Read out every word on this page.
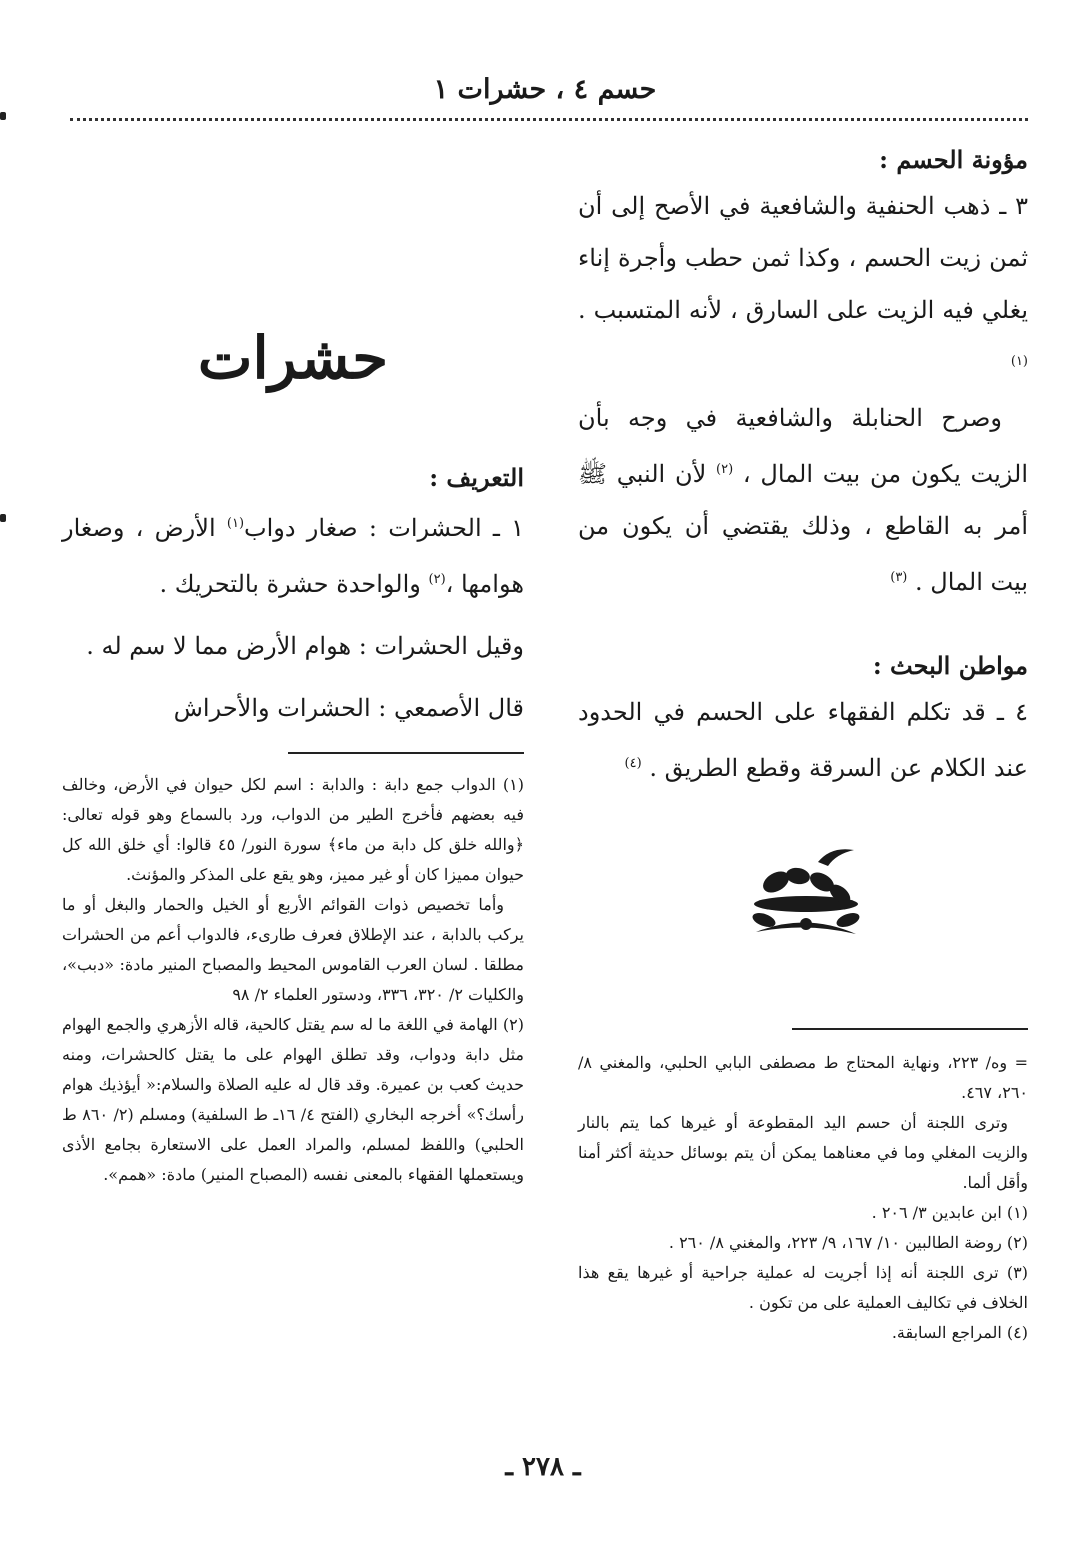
حسم ٤ ، حشرات ١

مؤونة الحسم :

٣ ـ ذهب الحنفية والشافعية في الأصح إلى أن ثمن زيت الحسم ، وكذا ثمن حطب وأجرة إناء يغلي فيه الزيت على السارق ، لأنه المتسبب . $^{(١)}$

وصرح الحنابلة والشافعية في وجه بأن الزيت يكون من بيت المال ، $^{(٢)}$ لأن النبي ﷺ أمر به القاطع ، وذلك يقتضي أن يكون من بيت المال . $^{(٣)}$

مواطن البحث :

٤ ـ قد تكلم الفقهاء على الحسم في الحدود عند الكلام عن السرقة وقطع الطريق . $^{(٤)}$

حشرات

التعريف :

١ ـ الحشرات : صغار دواب$^{(١)}$ الأرض ، وصغار هوامها ،$^{(٢)}$ والواحدة حشرة بالتحريك .

وقيل الحشرات : هوام الأرض مما لا سم له .

قال الأصمعي : الحشرات والأحراش

(١) الدواب جمع دابة : والدابة : اسم لكل حيوان في الأرض، وخالف فيه بعضهم فأخرج الطير من الدواب، ورد بالسماع وهو قوله تعالى: ﴿والله خلق كل دابة من ماء﴾ سورة النور/ ٤٥ قالوا: أي خلق الله كل حيوان مميزا كان أو غير مميز، وهو يقع على المذكر والمؤنث.

وأما تخصيص ذوات القوائم الأربع أو الخيل والحمار والبغل أو ما يركب بالدابة ، عند الإطلاق فعرف طارىء، فالدواب أعم من الحشرات مطلقا . لسان العرب القاموس المحيط والمصباح المنير مادة: «دبب»، والكليات ٢/ ٣٢٠، ٣٣٦، ودستور العلماء ٢/ ٩٨

(٢) الهامة في اللغة ما له سم يقتل كالحية، قاله الأزهري والجمع الهوام مثل دابة ودواب، وقد تطلق الهوام على ما يقتل كالحشرات، ومنه حديث كعب بن عميرة. وقد قال له عليه الصلاة والسلام:« أيؤذيك هوام رأسك؟» أخرجه البخاري (الفتح ٤/ ١٦ـ ط السلفية) ومسلم (٢/ ٨٦٠ ط الحلبي) واللفظ لمسلم، والمراد العمل على الاستعارة بجامع الأذى ويستعملها الفقهاء بالمعنى نفسه (المصباح المنير) مادة: «همم».

= وه/ ٢٢٣، ونهاية المحتاج ط مصطفى البابي الحلبي، والمغني ٨/ ٢٦٠، ٤٦٧.

وترى اللجنة أن حسم اليد المقطوعة أو غيرها كما يتم بالنار والزيت المغلي وما في معناهما يمكن أن يتم بوسائل حديثة أكثر أمنا وأقل ألما.

(١) ابن عابدين ٣/ ٢٠٦ .

(٢) روضة الطالبين ١٠/ ١٦٧، ٩/ ٢٢٣، والمغني ٨/ ٢٦٠ .

(٣) ترى اللجنة أنه إذا أجريت له عملية جراحية أو غيرها يقع هذا الخلاف في تكاليف العملية على من تكون .

(٤) المراجع السابقة.

ـ ٢٧٨ ـ
